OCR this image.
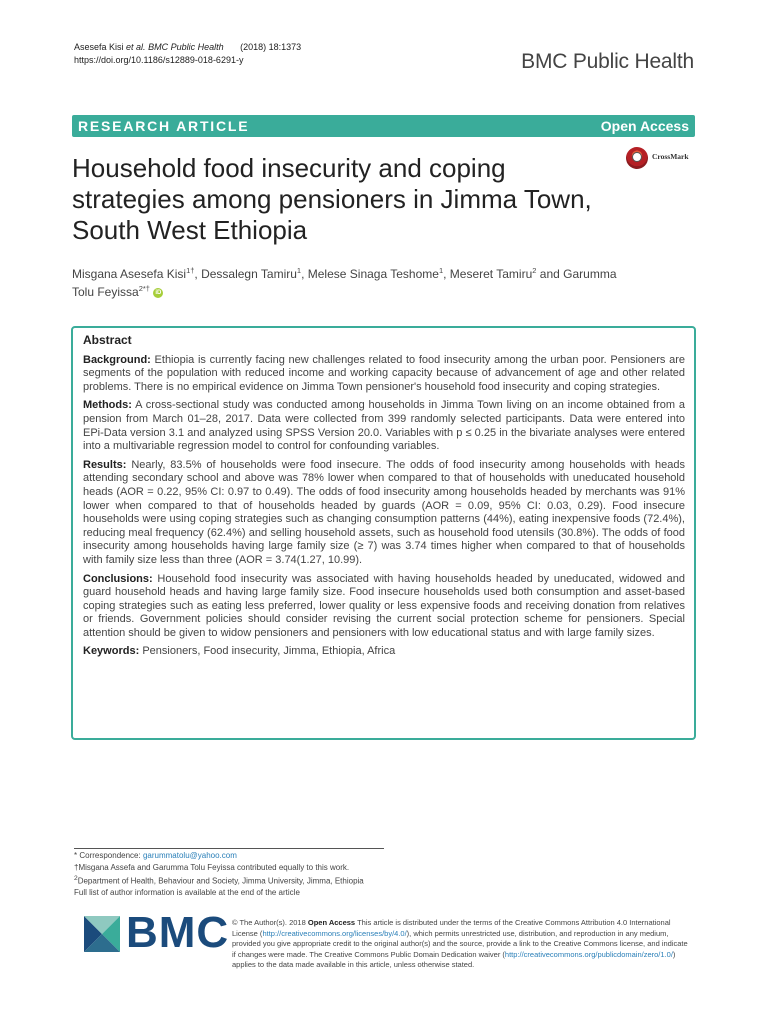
Asesefa Kisi et al. BMC Public Health (2018) 18:1373
https://doi.org/10.1186/s12889-018-6291-y	BMC Public Health
RESEARCH ARTICLE	Open Access
Household food insecurity and coping strategies among pensioners in Jimma Town, South West Ethiopia
CrossMark
Misgana Asesefa Kisi$^{1\dagger}$, Dessalegn Tamiru$^1$, Melese Sinaga Teshome$^1$, Meseret Tamiru$^2$ and Garumma Tolu Feyissa$^{2*\dagger}$ iD
Abstract

Background: Ethiopia is currently facing new challenges related to food insecurity among the urban poor. Pensioners are segments of the population with reduced income and working capacity because of advancement of age and other related problems. There is no empirical evidence on Jimma Town pensioner's household food insecurity and coping strategies.

Methods: A cross-sectional study was conducted among households in Jimma Town living on an income obtained from a pension from March 01–28, 2017. Data were collected from 399 randomly selected participants. Data were entered into EPi-Data version 3.1 and analyzed using SPSS Version 20.0. Variables with p ≤ 0.25 in the bivariate analyses were entered into a multivariable regression model to control for confounding variables.

Results: Nearly, 83.5% of households were food insecure. The odds of food insecurity among households with heads attending secondary school and above was 78% lower when compared to that of households with uneducated household heads (AOR = 0.22, 95% CI: 0.97 to 0.49). The odds of food insecurity among households headed by merchants was 91% lower when compared to that of households headed by guards (AOR = 0.09, 95% CI: 0.03, 0.29). Food insecure households were using coping strategies such as changing consumption patterns (44%), eating inexpensive foods (72.4%), reducing meal frequency (62.4%) and selling household assets, such as household food utensils (30.8%). The odds of food insecurity among households having large family size (≥ 7) was 3.74 times higher when compared to that of households with family size less than three (AOR = 3.74(1.27, 10.99).

Conclusions: Household food insecurity was associated with having households headed by uneducated, widowed and guard household heads and having large family size. Food insecure households used both consumption and asset-based coping strategies such as eating less preferred, lower quality or less expensive foods and receiving donation from relatives or friends. Government policies should consider revising the current social protection scheme for pensioners. Special attention should be given to widow pensioners and pensioners with low educational status and with large family sizes.

Keywords: Pensioners, Food insecurity, Jimma, Ethiopia, Africa

* Correspondence: garummatolu@yahoo.com
†Misgana Assefa and Garumma Tolu Feyissa contributed equally to this work.
$^2$Department of Health, Behaviour and Society, Jimma University, Jimma, Ethiopia
Full list of author information is available at the end of the article
BMC © The Author(s). 2018 Open Access This article is distributed under the terms of the Creative Commons Attribution 4.0 International License (http://creativecommons.org/licenses/by/4.0/), which permits unrestricted use, distribution, and reproduction in any medium, provided you give appropriate credit to the original author(s) and the source, provide a link to the Creative Commons license, and indicate if changes were made. The Creative Commons Public Domain Dedication waiver (http://creativecommons.org/publicdomain/zero/1.0/) applies to the data made available in this article, unless otherwise stated.
